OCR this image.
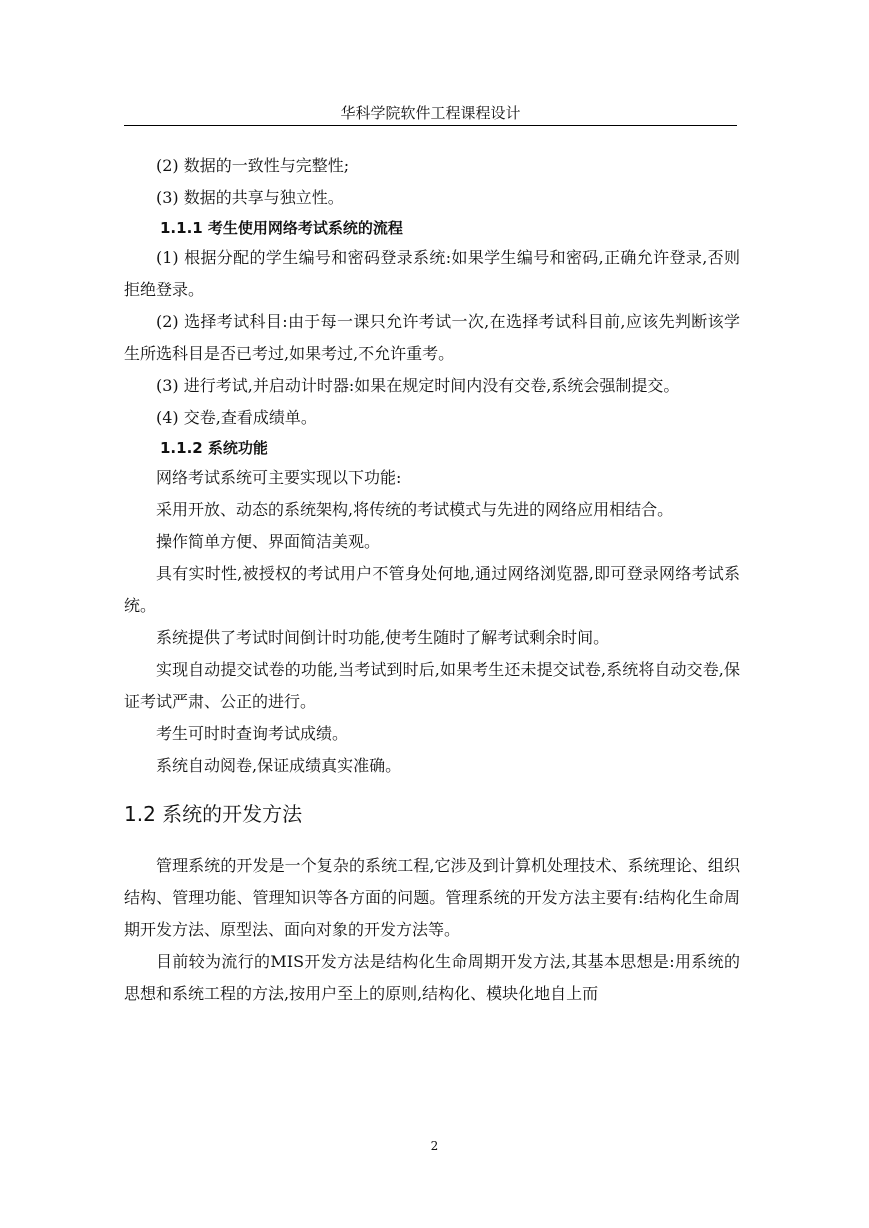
华科学院软件工程课程设计

(2) 数据的一致性与完整性;

(3) 数据的共享与独立性。

1.1.1 考生使用网络考试系统的流程

(1) 根据分配的学生编号和密码登录系统:如果学生编号和密码,正确允许登录,否则拒绝登录。

(2) 选择考试科目:由于每一课只允许考试一次,在选择考试科目前,应该先判断该学生所选科目是否已考过,如果考过,不允许重考。

(3) 进行考试,并启动计时器:如果在规定时间内没有交卷,系统会强制提交。

(4) 交卷,查看成绩单。

1.1.2 系统功能

网络考试系统可主要实现以下功能:

采用开放、动态的系统架构,将传统的考试模式与先进的网络应用相结合。

操作简单方便、界面简洁美观。

具有实时性,被授权的考试用户不管身处何地,通过网络浏览器,即可登录网络考试系统。

系统提供了考试时间倒计时功能,使考生随时了解考试剩余时间。

实现自动提交试卷的功能,当考试到时后,如果考生还未提交试卷,系统将自动交卷,保证考试严肃、公正的进行。

考生可时时查询考试成绩。

系统自动阅卷,保证成绩真实准确。

1.2 系统的开发方法

管理系统的开发是一个复杂的系统工程,它涉及到计算机处理技术、系统理论、组织结构、管理功能、管理知识等各方面的问题。管理系统的开发方法主要有:结构化生命周期开发方法、原型法、面向对象的开发方法等。

目前较为流行的MIS开发方法是结构化生命周期开发方法,其基本思想是:用系统的思想和系统工程的方法,按用户至上的原则,结构化、模块化地自上而

2
